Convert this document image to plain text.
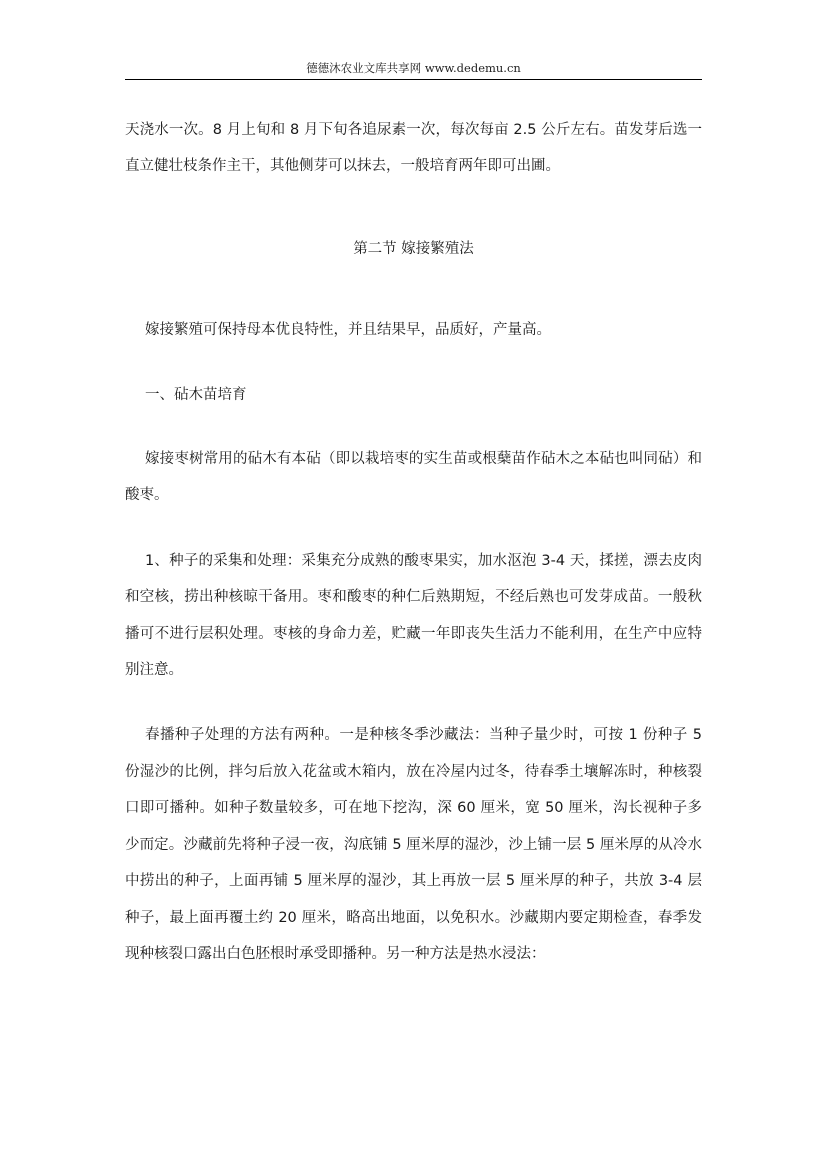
德德沐农业文库共享网 www.dedemu.cn

天浇水一次。8 月上旬和 8 月下旬各追尿素一次，每次每亩 2.5 公斤左右。苗发芽后选一直立健壮枝条作主干，其他侧芽可以抹去，一般培育两年即可出圃。

第二节 嫁接繁殖法

嫁接繁殖可保持母本优良特性，并且结果早，品质好，产量高。

一、砧木苗培育

嫁接枣树常用的砧木有本砧（即以栽培枣的实生苗或根蘖苗作砧木之本砧也叫同砧）和酸枣。

1、种子的采集和处理：采集充分成熟的酸枣果实，加水沤泡 3-4 天，揉搓，漂去皮肉和空核，捞出种核晾干备用。枣和酸枣的种仁后熟期短，不经后熟也可发芽成苗。一般秋播可不进行层积处理。枣核的身命力差，贮藏一年即丧失生活力不能利用，在生产中应特别注意。

春播种子处理的方法有两种。一是种核冬季沙藏法：当种子量少时，可按 1 份种子 5 份湿沙的比例，拌匀后放入花盆或木箱内，放在冷屋内过冬，待春季土壤解冻时，种核裂口即可播种。如种子数量较多，可在地下挖沟，深 60 厘米，宽 50 厘米，沟长视种子多少而定。沙藏前先将种子浸一夜，沟底铺 5 厘米厚的湿沙，沙上铺一层 5 厘米厚的从冷水中捞出的种子，上面再铺 5 厘米厚的湿沙，其上再放一层 5 厘米厚的种子，共放 3-4 层种子，最上面再覆土约 20 厘米，略高出地面，以免积水。沙藏期内要定期检查，春季发现种核裂口露出白色胚根时承受即播种。另一种方法是热水浸法：
